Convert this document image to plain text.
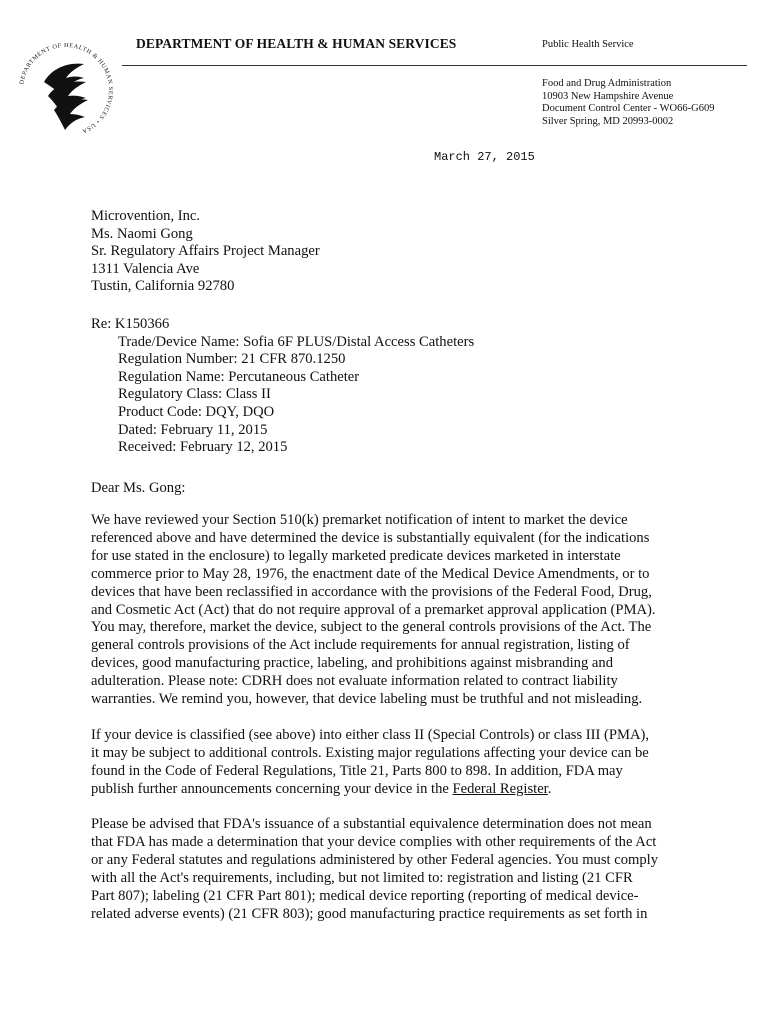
DEPARTMENT OF HEALTH & HUMAN SERVICES • USA
DEPARTMENT OF HEALTH & HUMAN SERVICES	Public Health Service
Food and Drug Administration
10903 New Hampshire Avenue
Document Control Center - WO66-G609
Silver Spring, MD 20993-0002
March 27, 2015
Microvention, Inc.
Ms. Naomi Gong
Sr. Regulatory Affairs Project Manager
1311 Valencia Ave
Tustin, California 92780
Re: K150366
Trade/Device Name: Sofia 6F PLUS/Distal Access Catheters
Regulation Number: 21 CFR 870.1250
Regulation Name: Percutaneous Catheter
Regulatory Class: Class II
Product Code: DQY, DQO
Dated: February 11, 2015
Received: February 12, 2015
Dear Ms. Gong:
We have reviewed your Section 510(k) premarket notification of intent to market the device
referenced above and have determined the device is substantially equivalent (for the indications
for use stated in the enclosure) to legally marketed predicate devices marketed in interstate
commerce prior to May 28, 1976, the enactment date of the Medical Device Amendments, or to
devices that have been reclassified in accordance with the provisions of the Federal Food, Drug,
and Cosmetic Act (Act) that do not require approval of a premarket approval application (PMA).
You may, therefore, market the device, subject to the general controls provisions of the Act. The
general controls provisions of the Act include requirements for annual registration, listing of
devices, good manufacturing practice, labeling, and prohibitions against misbranding and
adulteration. Please note: CDRH does not evaluate information related to contract liability
warranties. We remind you, however, that device labeling must be truthful and not misleading.
If your device is classified (see above) into either class II (Special Controls) or class III (PMA),
it may be subject to additional controls. Existing major regulations affecting your device can be
found in the Code of Federal Regulations, Title 21, Parts 800 to 898. In addition, FDA may
publish further announcements concerning your device in the Federal Register.
Please be advised that FDA's issuance of a substantial equivalence determination does not mean
that FDA has made a determination that your device complies with other requirements of the Act
or any Federal statutes and regulations administered by other Federal agencies. You must comply
with all the Act's requirements, including, but not limited to: registration and listing (21 CFR
Part 807); labeling (21 CFR Part 801); medical device reporting (reporting of medical device-
related adverse events) (21 CFR 803); good manufacturing practice requirements as set forth in
